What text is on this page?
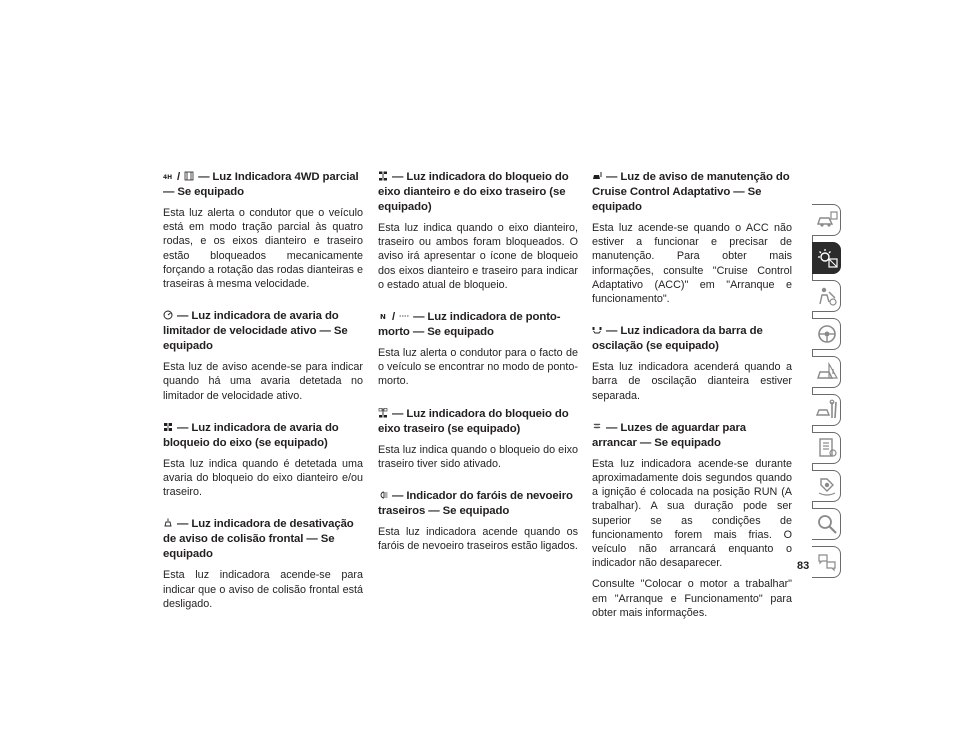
4H / — Luz Indicadora 4WD parcial — Se equipado

Esta luz alerta o condutor que o veículo está em modo tração parcial às quatro rodas, e os eixos dianteiro e traseiro estão bloqueados mecanicamente forçando a rotação das rodas dianteiras e traseiras à mesma velocidade.

— Luz indicadora de avaria do limitador de velocidade ativo — Se equipado

Esta luz de aviso acende-se para indicar quando há uma avaria detetada no limitador de velocidade ativo.

— Luz indicadora de avaria do bloqueio do eixo (se equipado)

Esta luz indica quando é detetada uma avaria do bloqueio do eixo dianteiro e/ou traseiro.

— Luz indicadora de desativação de aviso de colisão frontal — Se equipado

Esta luz indicadora acende-se para indicar que o aviso de colisão frontal está desligado.

— Luz indicadora do bloqueio do eixo dianteiro e do eixo traseiro (se equipado)

Esta luz indica quando o eixo dianteiro, traseiro ou ambos foram bloqueados. O aviso irá apresentar o ícone de bloqueio dos eixos dianteiro e traseiro para indicar o estado atual de bloqueio.

N / — Luz indicadora de ponto-morto — Se equipado

Esta luz alerta o condutor para o facto de o veículo se encontrar no modo de ponto-morto.

— Luz indicadora do bloqueio do eixo traseiro (se equipado)

Esta luz indica quando o bloqueio do eixo traseiro tiver sido ativado.

— Indicador do faróis de nevoeiro traseiros — Se equipado

Esta luz indicadora acende quando os faróis de nevoeiro traseiros estão ligados.

— Luz de aviso de manutenção do Cruise Control Adaptativo — Se equipado

Esta luz acende-se quando o ACC não estiver a funcionar e precisar de manutenção. Para obter mais informações, consulte "Cruise Control Adaptativo (ACC)" em "Arranque e funcionamento".

— Luz indicadora da barra de oscilação (se equipado)

Esta luz indicadora acenderá quando a barra de oscilação dianteira estiver separada.

— Luzes de aguardar para arrancar — Se equipado

Esta luz indicadora acende-se durante aproximadamente dois segundos quando a ignição é colocada na posição RUN (A trabalhar). A sua duração pode ser superior se as condições de funcionamento forem mais frias. O veículo não arrancará enquanto o indicador não desaparecer.

Consulte "Colocar o motor a trabalhar" em "Arranque e Funcionamento" para obter mais informações.

83
